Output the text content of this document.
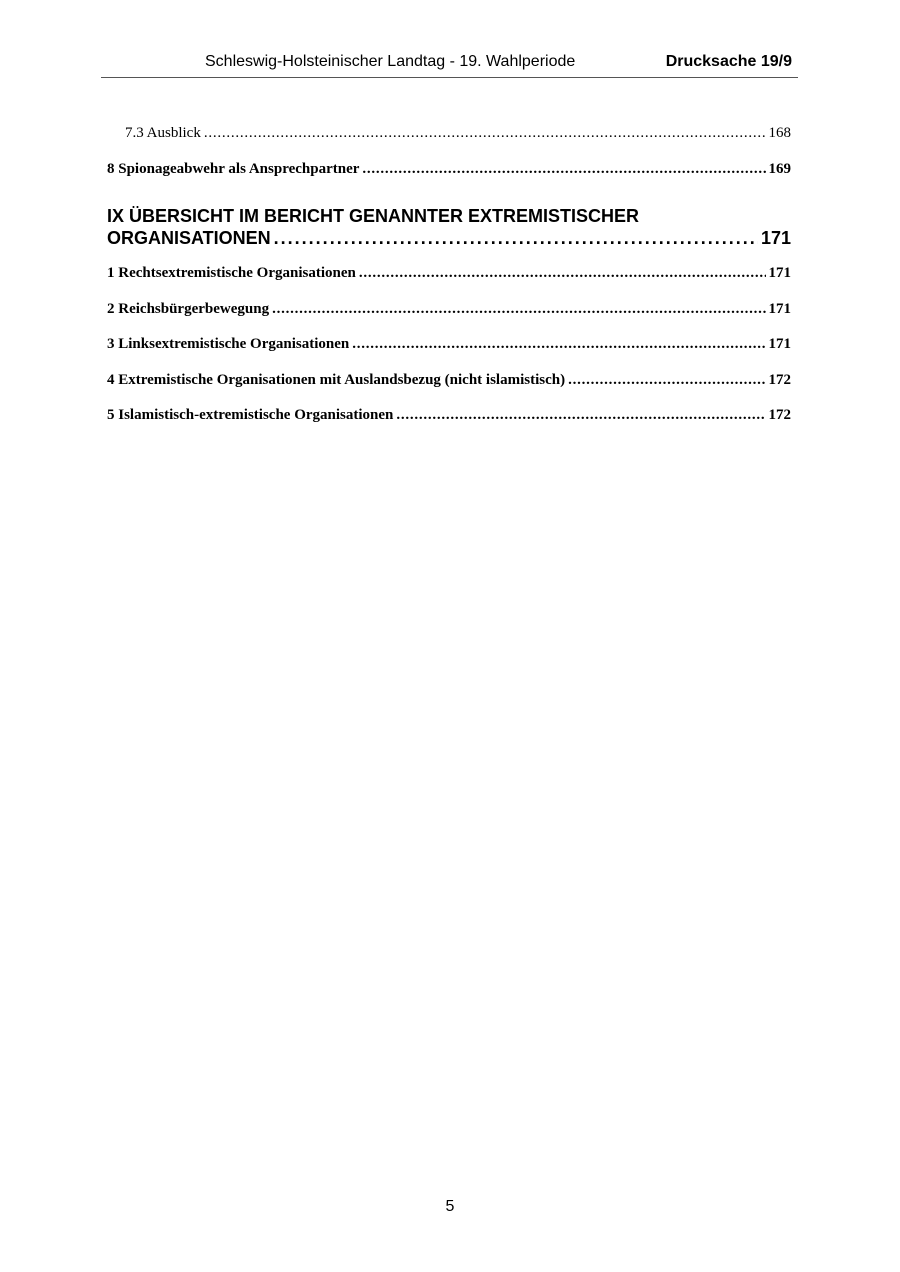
Schleswig-Holsteinischer Landtag - 19. Wahlperiode	Drucksache 19/9
7.3 Ausblick . . .	168
8 Spionageabwehr als Ansprechpartner . . .	169
IX ÜBERSICHT IM BERICHT GENANNTER EXTREMISTISCHER
ORGANISATIONEN . . .	171
1 Rechtsextremistische Organisationen . . .	171
2 Reichsbürgerbewegung . . .	171
3 Linksextremistische Organisationen . . .	171
4 Extremistische Organisationen mit Auslandsbezug (nicht islamistisch) . . .	172
5 Islamistisch-extremistische Organisationen . . .	172
5
